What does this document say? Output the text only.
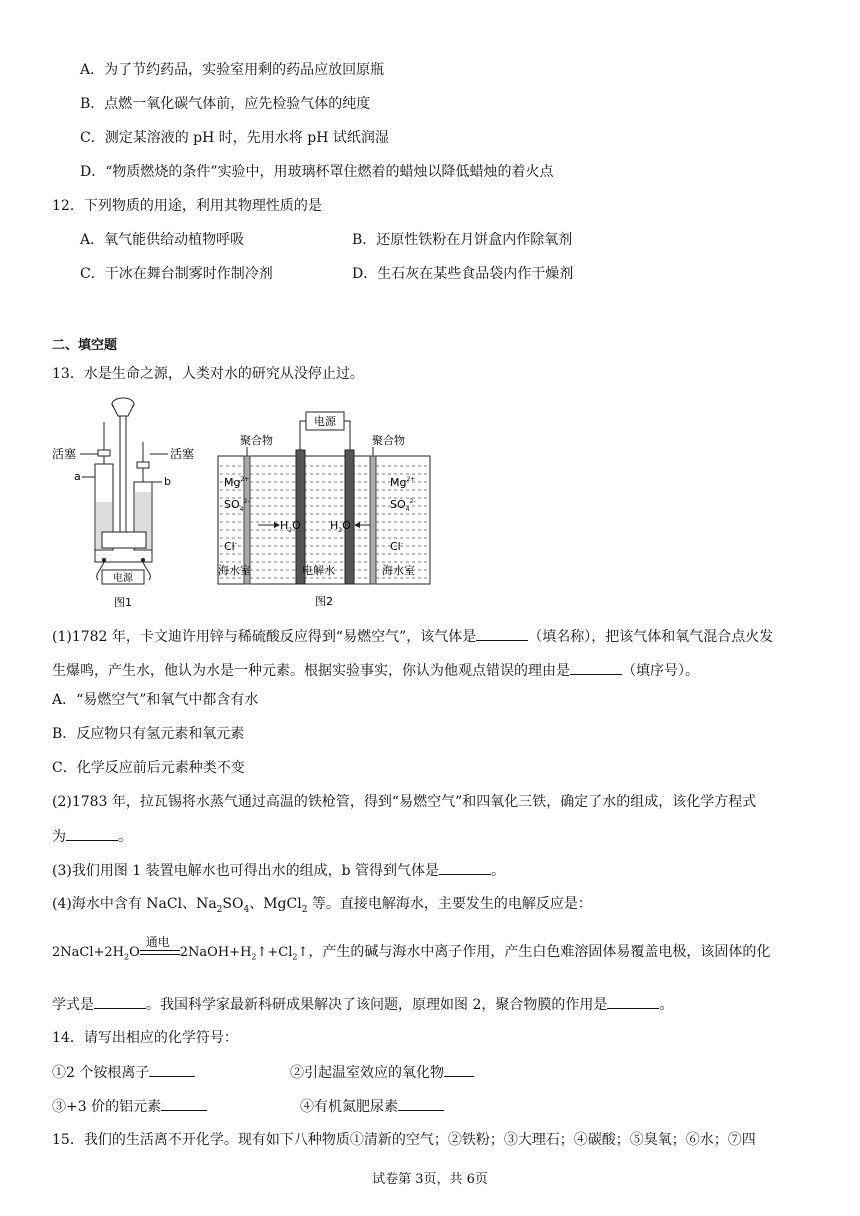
A．为了节约药品，实验室用剩的药品应放回原瓶
B．点燃一氧化碳气体前，应先检验气体的纯度
C．测定某溶液的 pH 时，先用水将 pH 试纸润湿
D．“物质燃烧的条件”实验中，用玻璃杯罩住燃着的蜡烛以降低蜡烛的着火点
12．下列物质的用途，利用其物理性质的是
A．氧气能供给动植物呼吸	B．还原性铁粉在月饼盒内作除氧剂
C．干冰在舞台制雾时作制冷剂	D．生石灰在某些食品袋内作干燥剂
二、填空题
13．水是生命之源，人类对水的研究从没停止过。
电源
活塞	活塞
a	b
图1
电源
聚合物	聚合物
$Mg^{2+}$
$SO_4^{2-}$
Cl-
海水室
$Mg^{2+}$
$SO_4^{2-}$
Cl-
海水室
$H_2O$	$H_2O$
电解水
图2
(1)1782 年，卡文迪许用锌与稀硫酸反应得到“易燃空气”，该气体是	（填名称），把该气体和氧气混合点火发
生爆鸣，产生水，他认为水是一种元素。根据实验事实，你认为他观点错误的理由是	（填序号）。
A．“易燃空气”和氧气中都含有水
B．反应物只有氢元素和氧元素
C．化学反应前后元素种类不变
(2)1783 年，拉瓦锡将水蒸气通过高温的铁枪管，得到“易燃空气”和四氧化三铁，确定了水的组成，该化学方程式
为	。
(3)我们用图 1 装置电解水也可得出水的组成，b 管得到气体是	。
(4)海水中含有 NaCl、$Na_2SO_4$、MgCl$_2$ 等。直接电解海水，主要发生的电解反应是：
$2NaCl+2H_2O$
通电
$2NaOH+H_2↑+Cl_2↑$，产生的碱与海水中离子作用，产生白色难溶固体易覆盖电极，该固体的化
学式是	。我国科学家最新科研成果解决了该问题，原理如图 2，聚合物膜的作用是	。
14．请写出相应的化学符号：
①2 个铵根离子	②引起温室效应的氧化物
③+3 价的铝元素	④有机氮肥尿素
15．我们的生活离不开化学。现有如下八种物质①清新的空气；②铁粉；③大理石；④碳酸；⑤臭氧；⑥水；⑦四
试卷第 3页，共 6页
